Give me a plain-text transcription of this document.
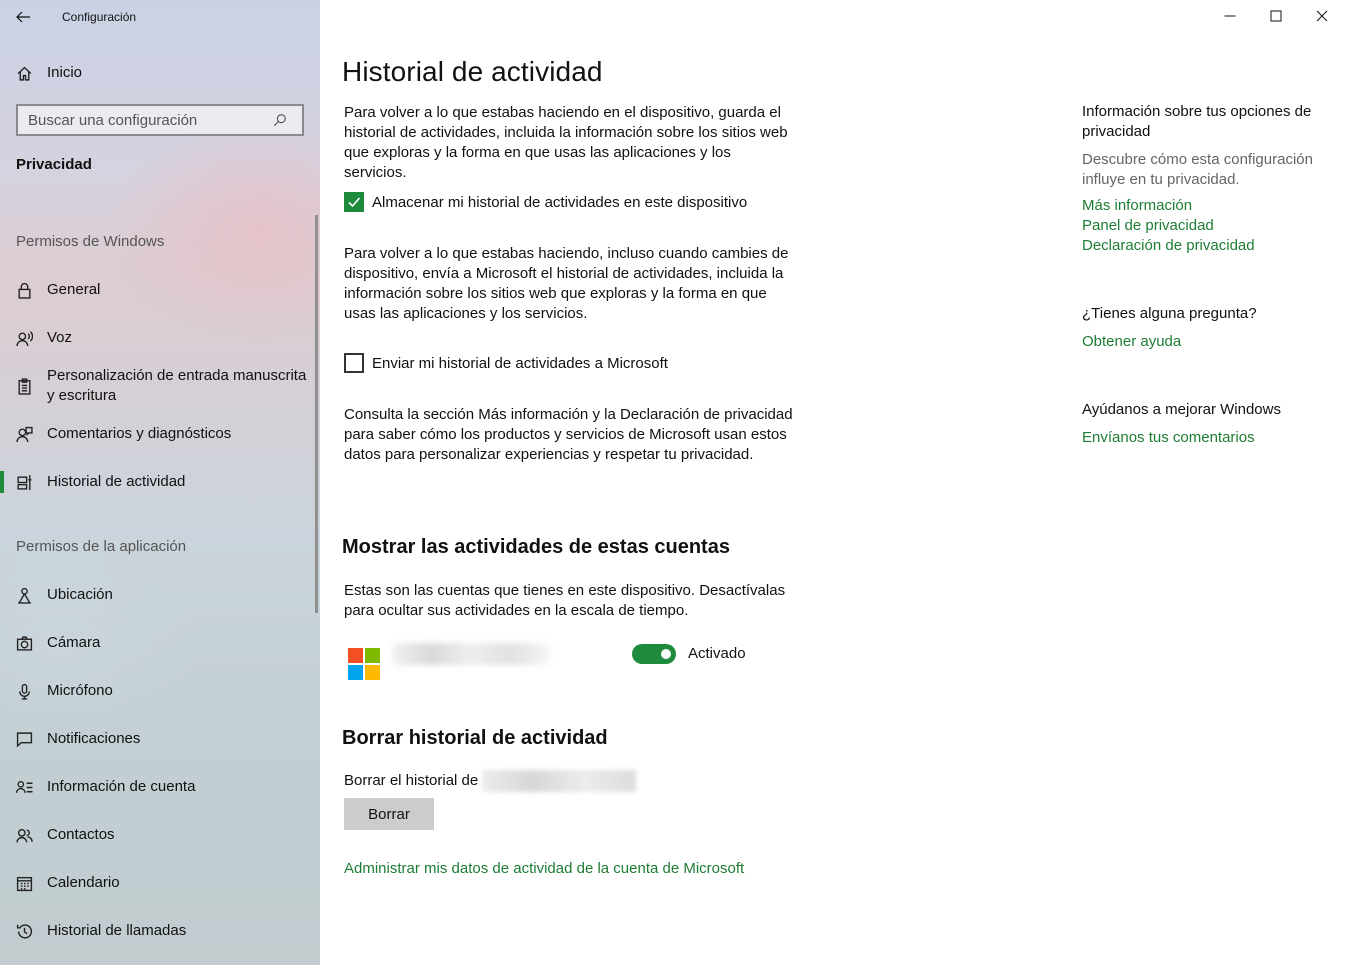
Configuración
Inicio
Buscar una configuración
Privacidad
Permisos de Windows
General
Voz
Personalización de entrada manuscrita y escritura
Comentarios y diagnósticos
Historial de actividad
Permisos de la aplicación
Ubicación
Cámara
Micrófono
Notificaciones
Información de cuenta
Contactos
Calendario
Historial de llamadas
Historial de actividad

Para volver a lo que estabas haciendo en el dispositivo, guarda el historial de actividades, incluida la información sobre los sitios web que exploras y la forma en que usas las aplicaciones y los servicios.

Almacenar mi historial de actividades en este dispositivo

Para volver a lo que estabas haciendo, incluso cuando cambies de dispositivo, envía a Microsoft el historial de actividades, incluida la información sobre los sitios web que exploras y la forma en que usas las aplicaciones y los servicios.

Enviar mi historial de actividades a Microsoft

Consulta la sección Más información y la Declaración de privacidad para saber cómo los productos y servicios de Microsoft usan estos datos para personalizar experiencias y respetar tu privacidad.

Mostrar las actividades de estas cuentas

Estas son las cuentas que tienes en este dispositivo. Desactívalas para ocultar sus actividades en la escala de tiempo.

Activado
Borrar historial de actividad
Borrar el historial de
Borrar
Administrar mis datos de actividad de la cuenta de Microsoft
Información sobre tus opciones de privacidad
Descubre cómo esta configuración influye en tu privacidad.
Más información
Panel de privacidad
Declaración de privacidad
¿Tienes alguna pregunta?
Obtener ayuda
Ayúdanos a mejorar Windows
Envíanos tus comentarios
